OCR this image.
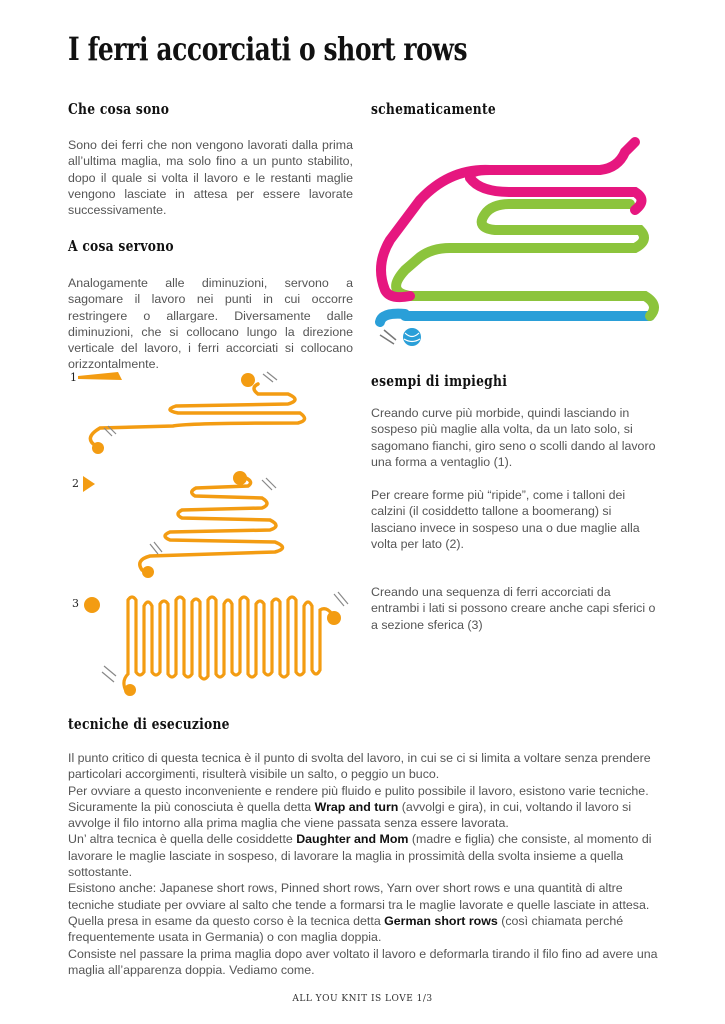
I ferri accorciati o short rows
Che cosa sono

Sono dei ferri che non vengono lavorati dalla prima all’ultima maglia, ma solo fino a un punto stabilito, dopo il quale si volta il lavoro e le restanti maglie vengono lasciate in attesa per essere lavorate successivamente.

A cosa servono

Analogamente alle diminuzioni, servono a sagomare il lavoro nei punti in cui occorre restringere o allargare. Diversamente dalle diminuzioni, che si collocano lungo la direzione verticale del lavoro, i ferri accorciati si collocano orizzontalmente.

schematicamente
esempi di impieghi

Creando curve più morbide, quindi lasciando in sospeso più maglie alla volta, da un lato solo, si sagomano fianchi, giro seno o scolli dando al lavoro una forma a ventaglio (1).

Per creare forme più “ripide”, come i talloni dei calzini (il cosiddetto tallone a boomerang) si lasciano invece in sospeso una o due maglie alla volta per lato (2).

Creando una sequenza di ferri accorciati da entrambi i lati si possono creare anche capi sferici o a sezione sferica (3)

1
2
3
tecniche di esecuzione
Il punto critico di questa tecnica è il punto di svolta del lavoro, in cui se ci si limita a voltare senza prendere particolari accorgimenti, risulterà visibile un salto, o peggio un buco.
Per ovviare a questo inconveniente e rendere più fluido e pulito possibile il lavoro, esistono varie tecniche. Sicuramente la più conosciuta è quella detta Wrap and turn (avvolgi e gira), in cui, voltando il lavoro si avvolge il filo intorno alla prima maglia che viene passata senza essere lavorata.
Un’ altra tecnica è quella delle cosiddette Daughter and Mom (madre e figlia) che consiste, al momento di lavorare le maglie lasciate in sospeso, di lavorare la maglia in prossimità della svolta insieme a quella sottostante.
Esistono anche: Japanese short rows, Pinned short rows, Yarn over short rows e una quantità di altre tecniche studiate per ovviare al salto che tende a formarsi tra le maglie lavorate e quelle lasciate in attesa.
Quella presa in esame da questo corso è la tecnica detta German short rows (così chiamata perché frequentemente usata in Germania) o con maglia doppia.
Consiste nel passare la prima maglia dopo aver voltato il lavoro e deformarla tirando il filo fino ad avere una maglia all’apparenza doppia. Vediamo come.
ALL YOU KNIT IS LOVE 1/3
